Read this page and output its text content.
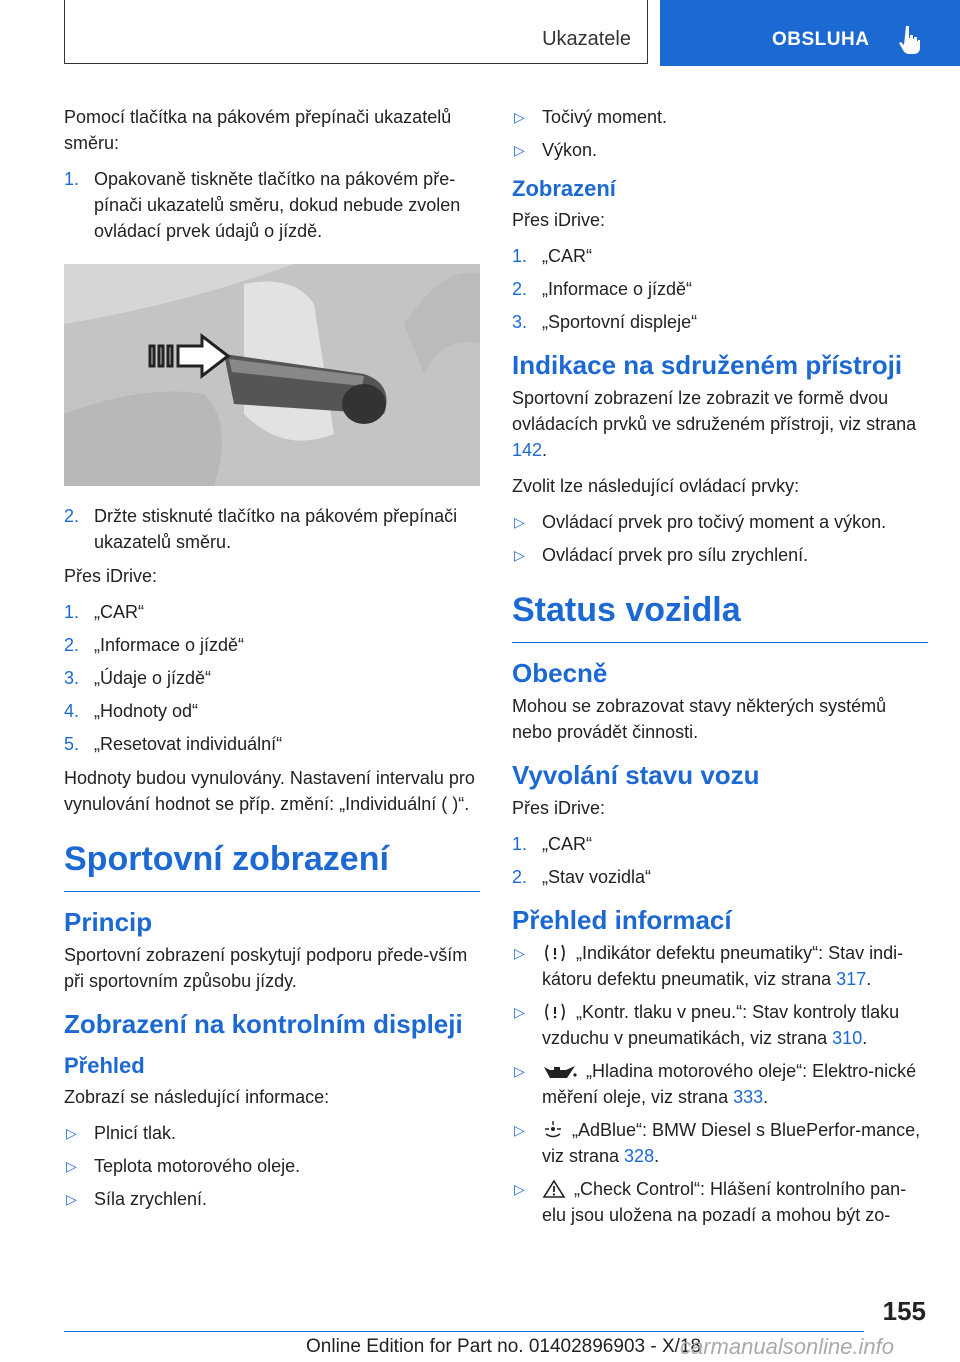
Ukazatele	OBSLUHA

Pomocí tlačítka na pákovém přepínači ukazatelů směru:

1. Opakovaně tiskněte tlačítko na pákovém pře-pínači ukazatelů směru, dokud nebude zvolen ovládací prvek údajů o jízdě.
2. Držte stisknuté tlačítko na pákovém přepínači ukazatelů směru.

Přes iDrive:

1. „CAR“
2. „Informace o jízdě“
3. „Údaje o jízdě“
4. „Hodnoty od“
5. „Resetovat individuální“

Hodnoty budou vynulovány. Nastavení intervalu pro vynulování hodnot se příp. změní: „Individuální ( )“.

Sportovní zobrazení
Princip

Sportovní zobrazení poskytují podporu přede-vším při sportovním způsobu jízdy.

Zobrazení na kontrolním displeji
Přehled

Zobrazí se následující informace:

▷ Plnicí tlak.
▷ Teplota motorového oleje.
▷ Síla zrychlení.
▷ Točivý moment.
▷ Výkon.
Zobrazení

Přes iDrive:

1. „CAR“
2. „Informace o jízdě“
3. „Sportovní displeje“
Indikace na sdruženém přístroji

Sportovní zobrazení lze zobrazit ve formě dvou ovládacích prvků ve sdruženém přístroji, viz strana 142.

Zvolit lze následující ovládací prvky:

▷ Ovládací prvek pro točivý moment a výkon.
▷ Ovládací prvek pro sílu zrychlení.
Status vozidla
Obecně

Mohou se zobrazovat stavy některých systémů nebo provádět činnosti.

Vyvolání stavu vozu

Přes iDrive:

1. „CAR“
2. „Stav vozidla“
Přehled informací
▷	„Indikátor defektu pneumatiky“: Stav indi-kátoru defektu pneumatik, viz strana 317.
▷	„Kontr. tlaku v pneu.“: Stav kontroly tlaku vzduchu v pneumatikách, viz strana 310.
▷	„Hladina motorového oleje“: Elektro-nické měření oleje, viz strana 333.
▷	„AdBlue“: BMW Diesel s BluePerfor-mance, viz strana 328.
▷	„Check Control“: Hlášení kontrolního pan-elu jsou uložena na pozadí a mohou být zo-
155
Online Edition for Part no. 01402896903 - X/18
carmanualsonline.info
